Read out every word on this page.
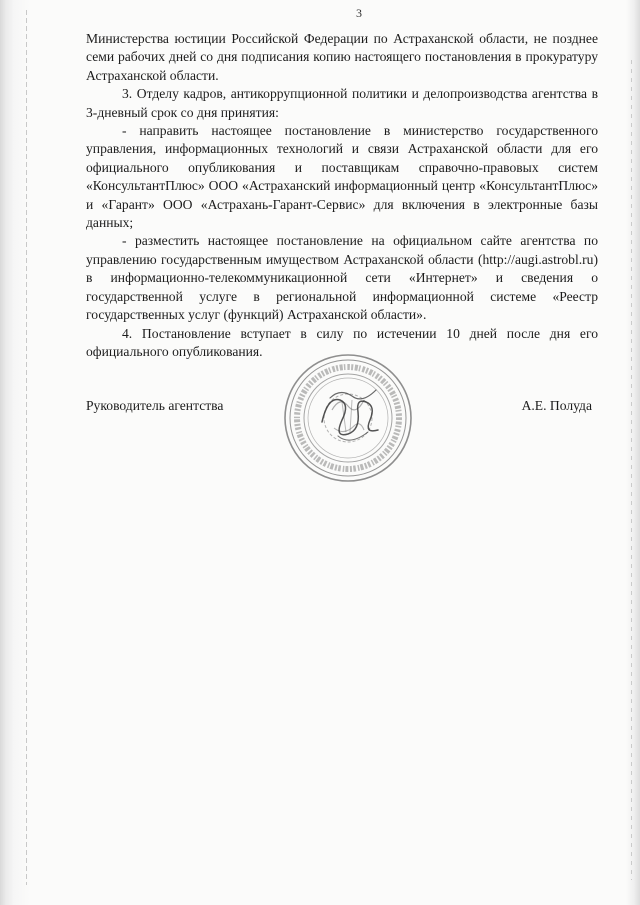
3

Министерства юстиции Российской Федерации по Астраханской области, не позднее семи рабочих дней со дня подписания копию настоящего постановления в прокуратуру Астраханской области.

3. Отделу кадров, антикоррупционной политики и делопроизводства агентства в 3-дневный срок со дня принятия:

- направить настоящее постановление в министерство государственного управления, информационных технологий и связи Астраханской области для его официального опубликования и поставщикам справочно-правовых систем «КонсультантПлюс» ООО «Астраханский информационный центр «КонсультантПлюс» и «Гарант» ООО «Астрахань-Гарант-Сервис» для включения в электронные базы данных;

- разместить настоящее постановление на официальном сайте агентства по управлению государственным имуществом Астраханской области (http://augi.astrobl.ru) в информационно-телекоммуникационной сети «Интернет» и сведения о государственной услуге в региональной информационной системе «Реестр государственных услуг (функций) Астраханской области».

4. Постановление вступает в силу по истечении 10 дней после дня его официального опубликования.

Руководитель агентства	А.Е. Полуда
